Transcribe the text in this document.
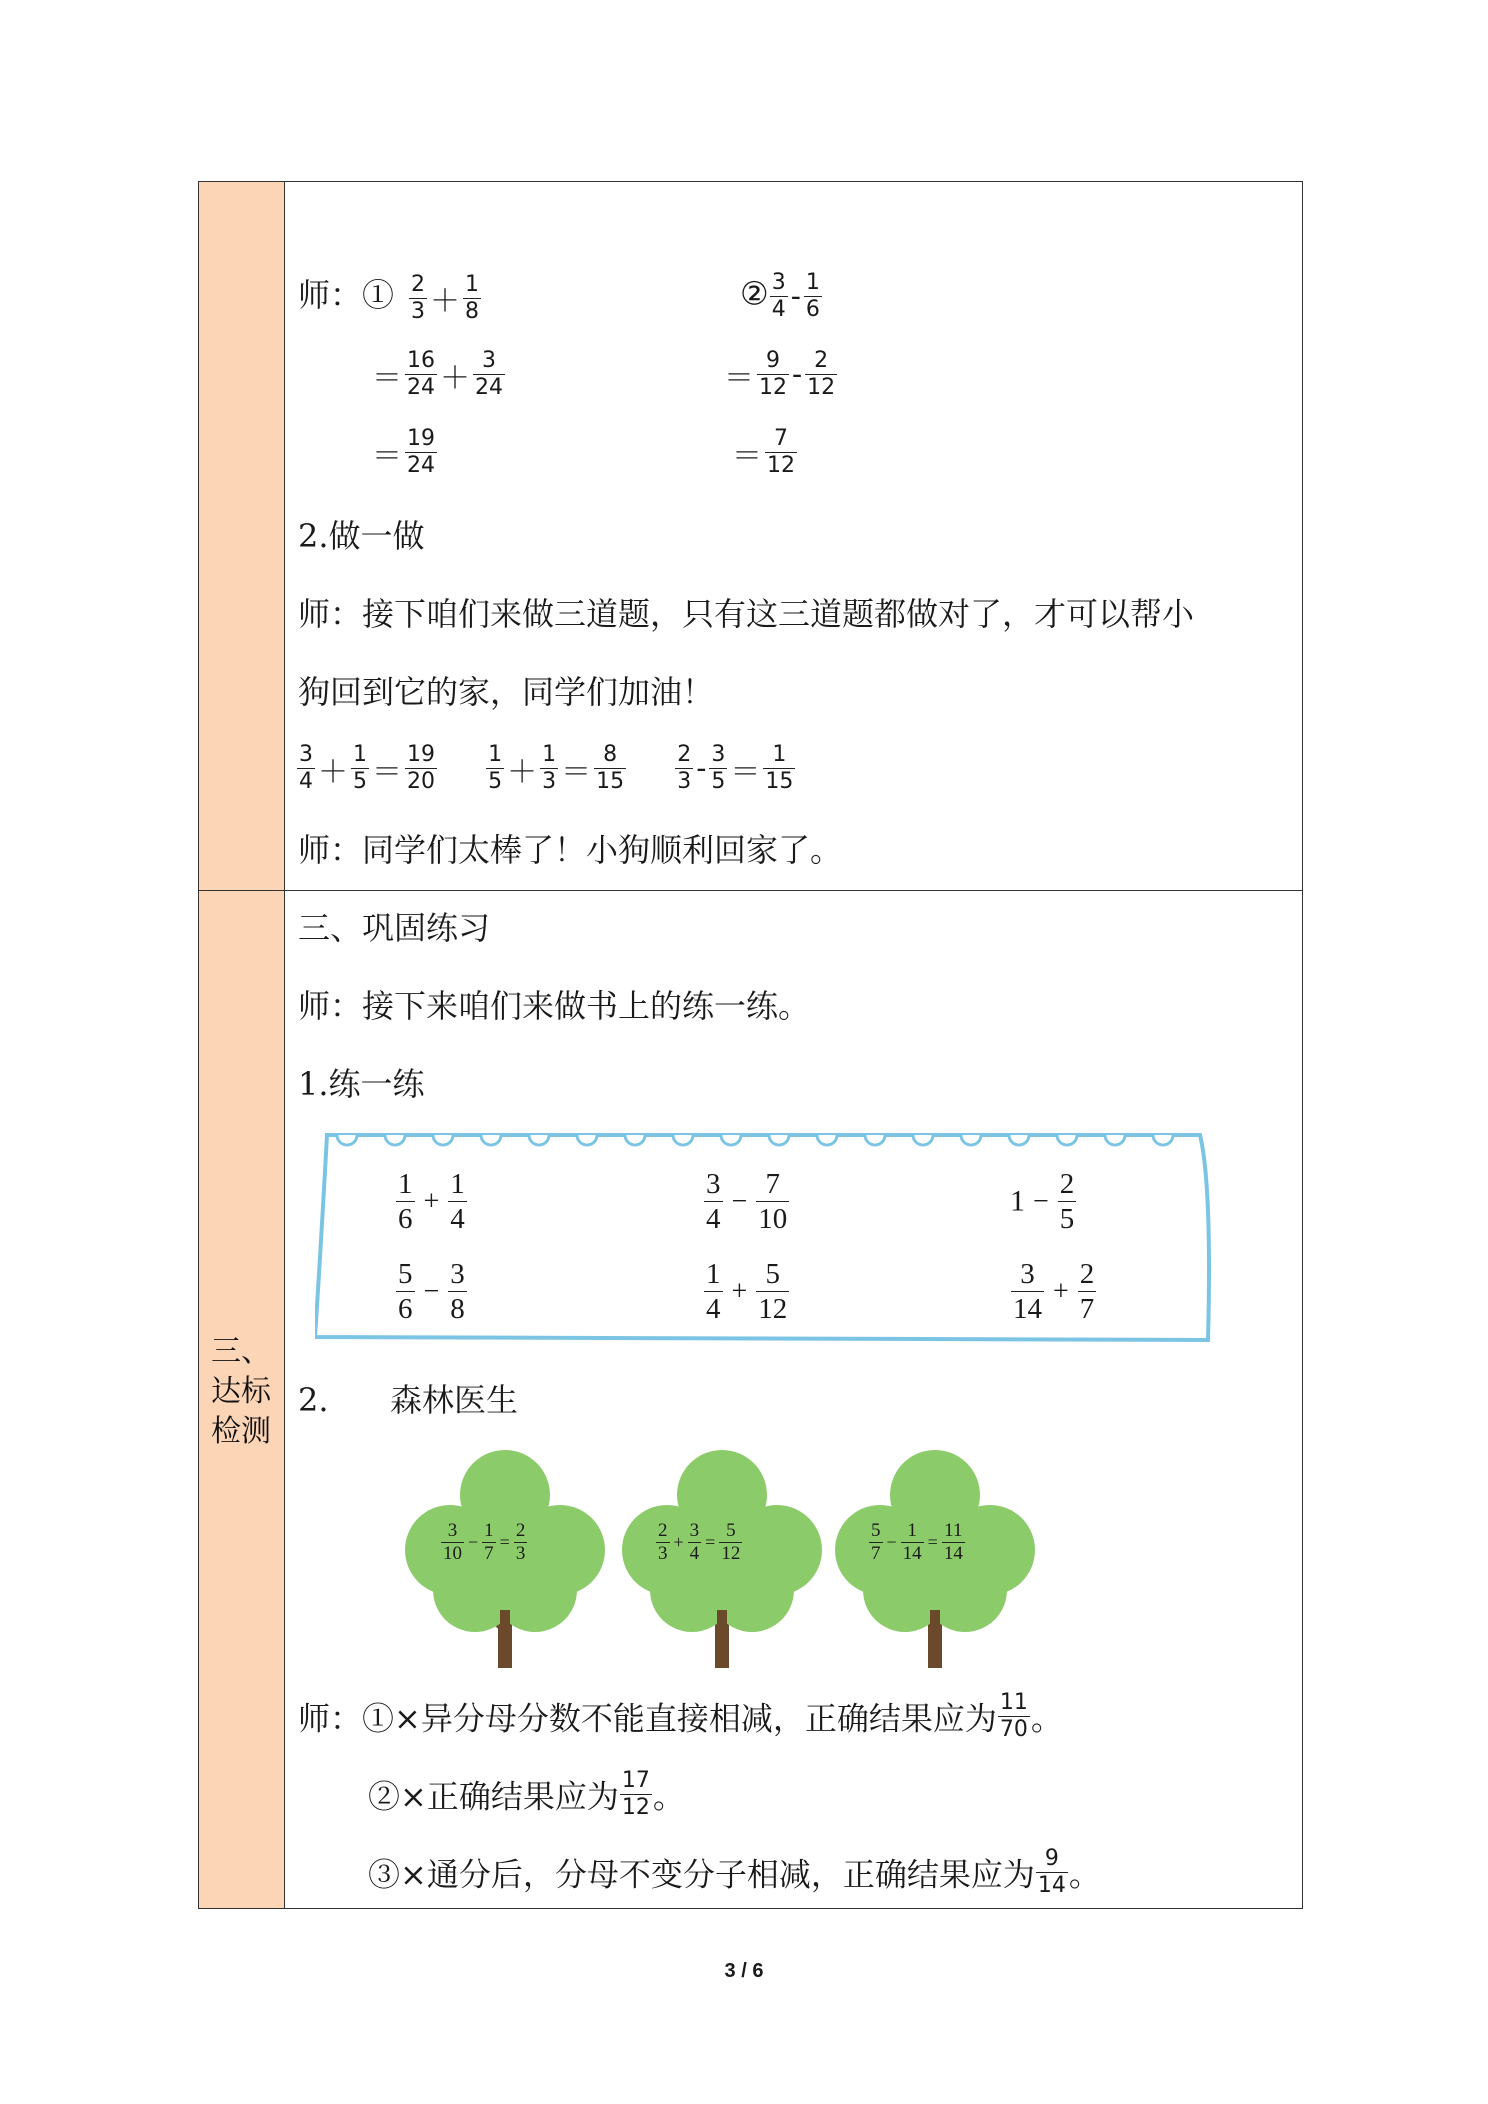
三、
达标
检测
师：① $\frac{2}{3} + \frac{1}{8}$
＝ $\frac{16}{24} + \frac{3}{24}$
＝ $\frac{19}{24}$
② $\frac{3}{4} - \frac{1}{6}$
＝ $\frac{9}{12} - \frac{2}{12}$
＝ $\frac{7}{12}$
2.做一做
师：接下咱们来做三道题，只有这三道题都做对了，才可以帮小
狗回到它的家，同学们加油！
$\frac{3}{4} + \frac{1}{5} = \frac{19}{20}$
$\frac{1}{5} + \frac{1}{3} = \frac{8}{15}$
$\frac{2}{3} - \frac{3}{5} = \frac{1}{15}$
师：同学们太棒了！小狗顺利回家了。
三、巩固练习
师：接下来咱们来做书上的练一练。
1.练一练
$\frac{1}{6} + \frac{1}{4}$	$\frac{3}{4} - \frac{7}{10}$	$1 - \frac{2}{5}$
$\frac{5}{6} - \frac{3}{8}$	$\frac{1}{4} + \frac{5}{12}$	$\frac{3}{14} + \frac{2}{7}$
2. 森林医生
$\frac{3}{10} - \frac{1}{7} = \frac{2}{3}$	$\frac{2}{3} + \frac{3}{4} = \frac{5}{12}$	$\frac{5}{7} - \frac{1}{14} = \frac{11}{14}$
师：①×异分母分数不能直接相减，正确结果应为 $\frac{11}{70}$ 。
②×正确结果应为 $\frac{17}{12}$ 。
③×通分后，分母不变分子相减，正确结果应为 $\frac{9}{14}$ 。
3 / 6
